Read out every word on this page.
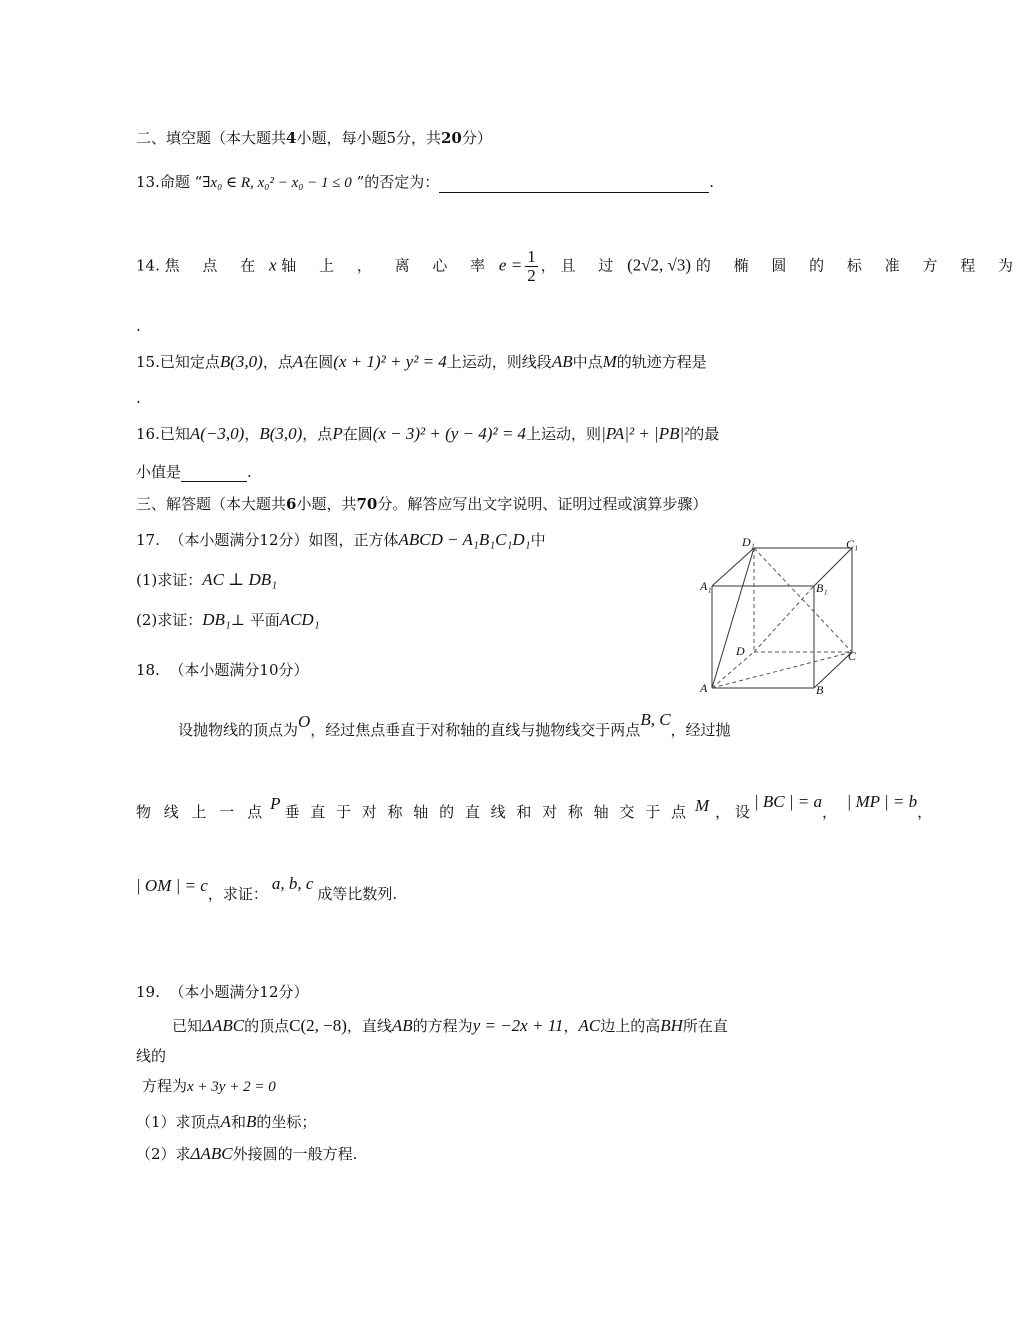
二、填空题（本大题共4小题，每小题5分，共20分）
13.命题 “∃x₀ ∈ R, x₀² − x₀ − 1 ≤ 0 ”的否定为：	.
14. 焦 点 在 x 轴 上 ， 离 心 率 $e = \frac{1}{2}$ ， 且 过 (2√2, √3) 的 椭 圆 的 标 准 方 程 为
.
15.已知定点B(3,0)，点A在圆(x + 1)² + y² = 4上运动，则线段AB中点M的轨迹方程是
.
16.已知A(−3,0)，B(3,0)，点P在圆(x − 3)² + (y − 4)² = 4上运动，则|PA|² + |PB|²的最
小值是	.
三、解答题（本大题共6小题，共70分。解答应写出文字说明、证明过程或演算步骤）
17. （本小题满分12分）如图，正方体ABCD − A₁B₁C₁D₁中
(1)求证：AC ⊥ DB₁
(2)求证：DB₁⊥ 平面ACD₁
D₁	C₁
A₁	B₁
D	C
A	B
18. （本小题满分10分）
设抛物线的顶点为O，经过焦点垂直于对称轴的直线与抛物线交于两点B, C，经过抛
物 线 上 一 点 P 垂 直 于 对 称 轴 的 直 线 和 对 称 轴 交 于 点 M ， 设| BC | = a，  | MP | = b，
| OM | = c，求证：a, b, c成等比数列.
19. （本小题满分12分）
已知ΔABC的顶点C(2, −8)，直线AB的方程为y = −2x + 11，AC边上的高BH所在直
线的
方程为x + 3y + 2 = 0
（1）求顶点A和B的坐标；
（2）求ΔABC外接圆的一般方程.
